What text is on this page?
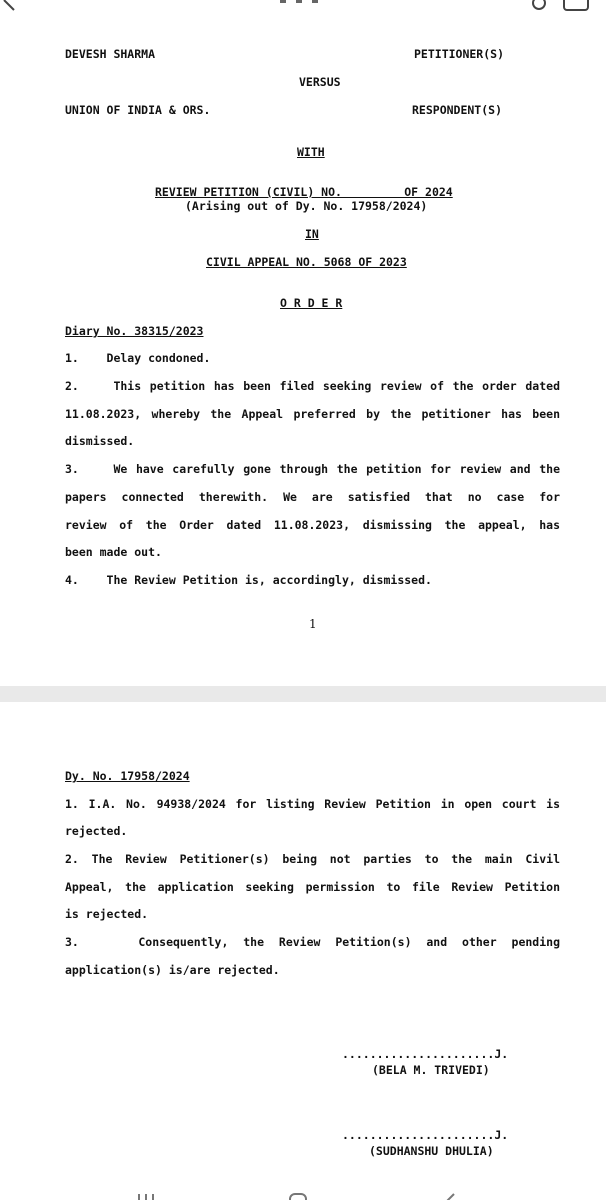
DEVESH SHARMA	PETITIONER(S)
VERSUS
UNION OF INDIA & ORS.	RESPONDENT(S)
WITH
REVIEW PETITION (CIVIL) NO.         OF 2024
(Arising out of Dy. No. 17958/2024)
IN
CIVIL APPEAL NO. 5068 OF 2023
O R D E R
Diary No. 38315/2023
1.    Delay condoned.
2.    This petition has been filed seeking review of the order dated
11.08.2023, whereby the Appeal preferred by the petitioner has been
dismissed.
3.    We have carefully gone through the petition for review and the
papers connected therewith. We are satisfied that no case for
review of the Order dated 11.08.2023, dismissing the appeal, has
been made out.
4.    The Review Petition is, accordingly, dismissed.
1
Dy. No. 17958/2024
1. I.A. No. 94938/2024 for listing Review Petition in open court is
rejected.
2. The Review Petitioner(s) being not parties to the main Civil
Appeal, the application seeking permission to file Review Petition
is rejected.
3.    Consequently, the Review Petition(s) and other pending
application(s) is/are rejected.
......................J.
(BELA M. TRIVEDI)
......................J.
(SUDHANSHU DHULIA)
